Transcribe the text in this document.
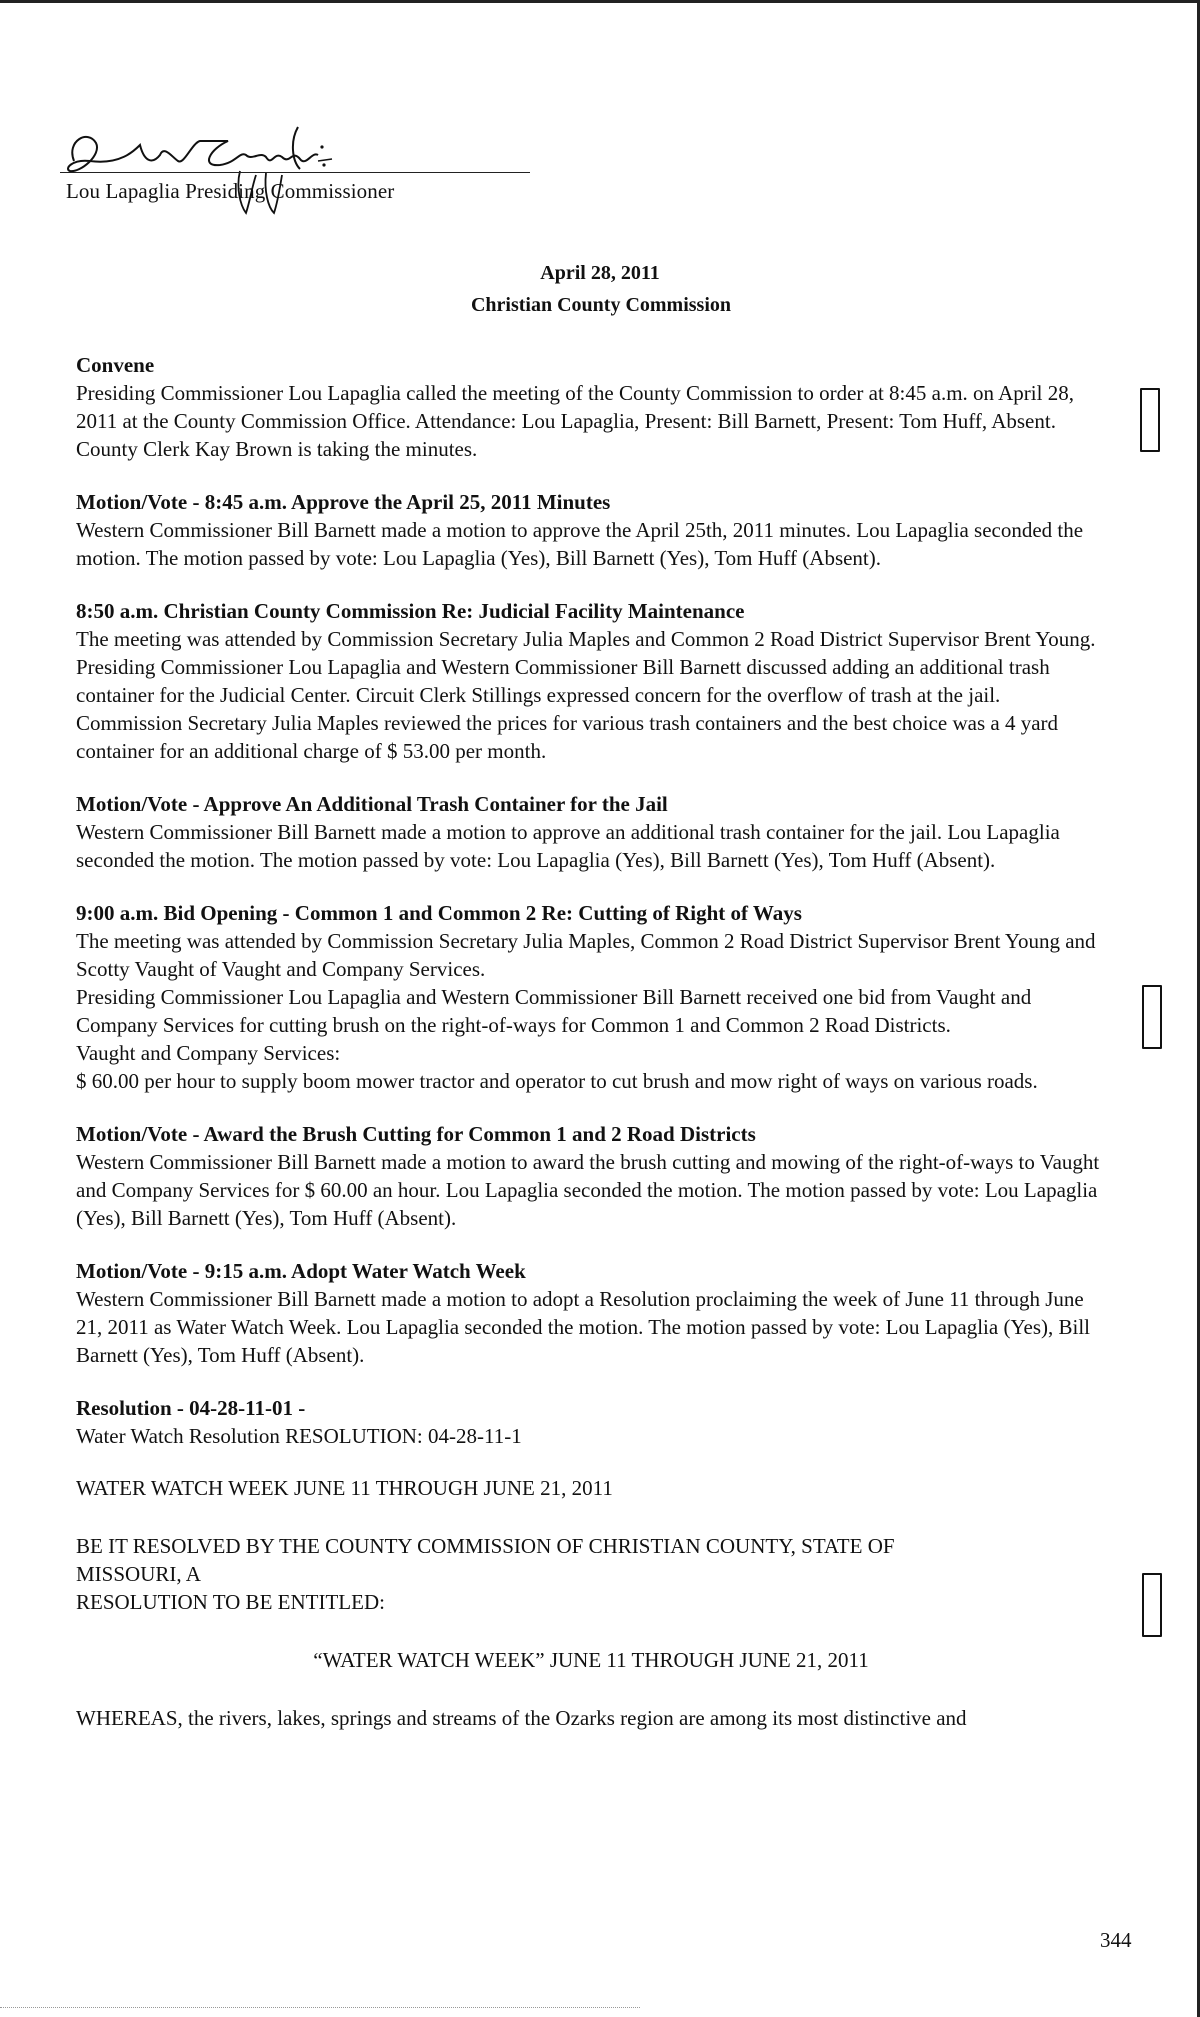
Lou Lapaglia Presiding Commissioner
April 28, 2011
Christian County Commission
Convene

Presiding Commissioner Lou Lapaglia called the meeting of the County Commission to order at 8:45 a.m. on April 28, 2011 at the County Commission Office. Attendance: Lou Lapaglia, Present: Bill Barnett, Present: Tom Huff, Absent. County Clerk Kay Brown is taking the minutes.

Motion/Vote - 8:45 a.m. Approve the April 25, 2011 Minutes

Western Commissioner Bill Barnett made a motion to approve the April 25th, 2011 minutes. Lou Lapaglia seconded the motion. The motion passed by vote: Lou Lapaglia (Yes), Bill Barnett (Yes), Tom Huff (Absent).

8:50 a.m. Christian County Commission Re: Judicial Facility Maintenance

The meeting was attended by Commission Secretary Julia Maples and Common 2 Road District Supervisor Brent Young.

Presiding Commissioner Lou Lapaglia and Western Commissioner Bill Barnett discussed adding an additional trash container for the Judicial Center. Circuit Clerk Stillings expressed concern for the overflow of trash at the jail. Commission Secretary Julia Maples reviewed the prices for various trash containers and the best choice was a 4 yard container for an additional charge of $ 53.00 per month.

Motion/Vote - Approve An Additional Trash Container for the Jail

Western Commissioner Bill Barnett made a motion to approve an additional trash container for the jail. Lou Lapaglia seconded the motion. The motion passed by vote: Lou Lapaglia (Yes), Bill Barnett (Yes), Tom Huff (Absent).

9:00 a.m. Bid Opening - Common 1 and Common 2 Re: Cutting of Right of Ways

The meeting was attended by Commission Secretary Julia Maples, Common 2 Road District Supervisor Brent Young and Scotty Vaught of Vaught and Company Services.

Presiding Commissioner Lou Lapaglia and Western Commissioner Bill Barnett received one bid from Vaught and Company Services for cutting brush on the right-of-ways for Common 1 and Common 2 Road Districts.

Vaught and Company Services:

$ 60.00 per hour to supply boom mower tractor and operator to cut brush and mow right of ways on various roads.

Motion/Vote - Award the Brush Cutting for Common 1 and 2 Road Districts

Western Commissioner Bill Barnett made a motion to award the brush cutting and mowing of the right-of-ways to Vaught and Company Services for $ 60.00 an hour. Lou Lapaglia seconded the motion. The motion passed by vote: Lou Lapaglia (Yes), Bill Barnett (Yes), Tom Huff (Absent).

Motion/Vote - 9:15 a.m. Adopt Water Watch Week

Western Commissioner Bill Barnett made a motion to adopt a Resolution proclaiming the week of June 11 through June 21, 2011 as Water Watch Week. Lou Lapaglia seconded the motion. The motion passed by vote: Lou Lapaglia (Yes), Bill Barnett (Yes), Tom Huff (Absent).

Resolution - 04-28-11-01 -

Water Watch Resolution RESOLUTION: 04-28-11-1

WATER WATCH WEEK JUNE 11 THROUGH JUNE 21, 2011

BE IT RESOLVED BY THE COUNTY COMMISSION OF CHRISTIAN COUNTY, STATE OF

MISSOURI, A

RESOLUTION TO BE ENTITLED:

“WATER WATCH WEEK” JUNE 11 THROUGH JUNE 21, 2011

WHEREAS, the rivers, lakes, springs and streams of the Ozarks region are among its most distinctive and

344
